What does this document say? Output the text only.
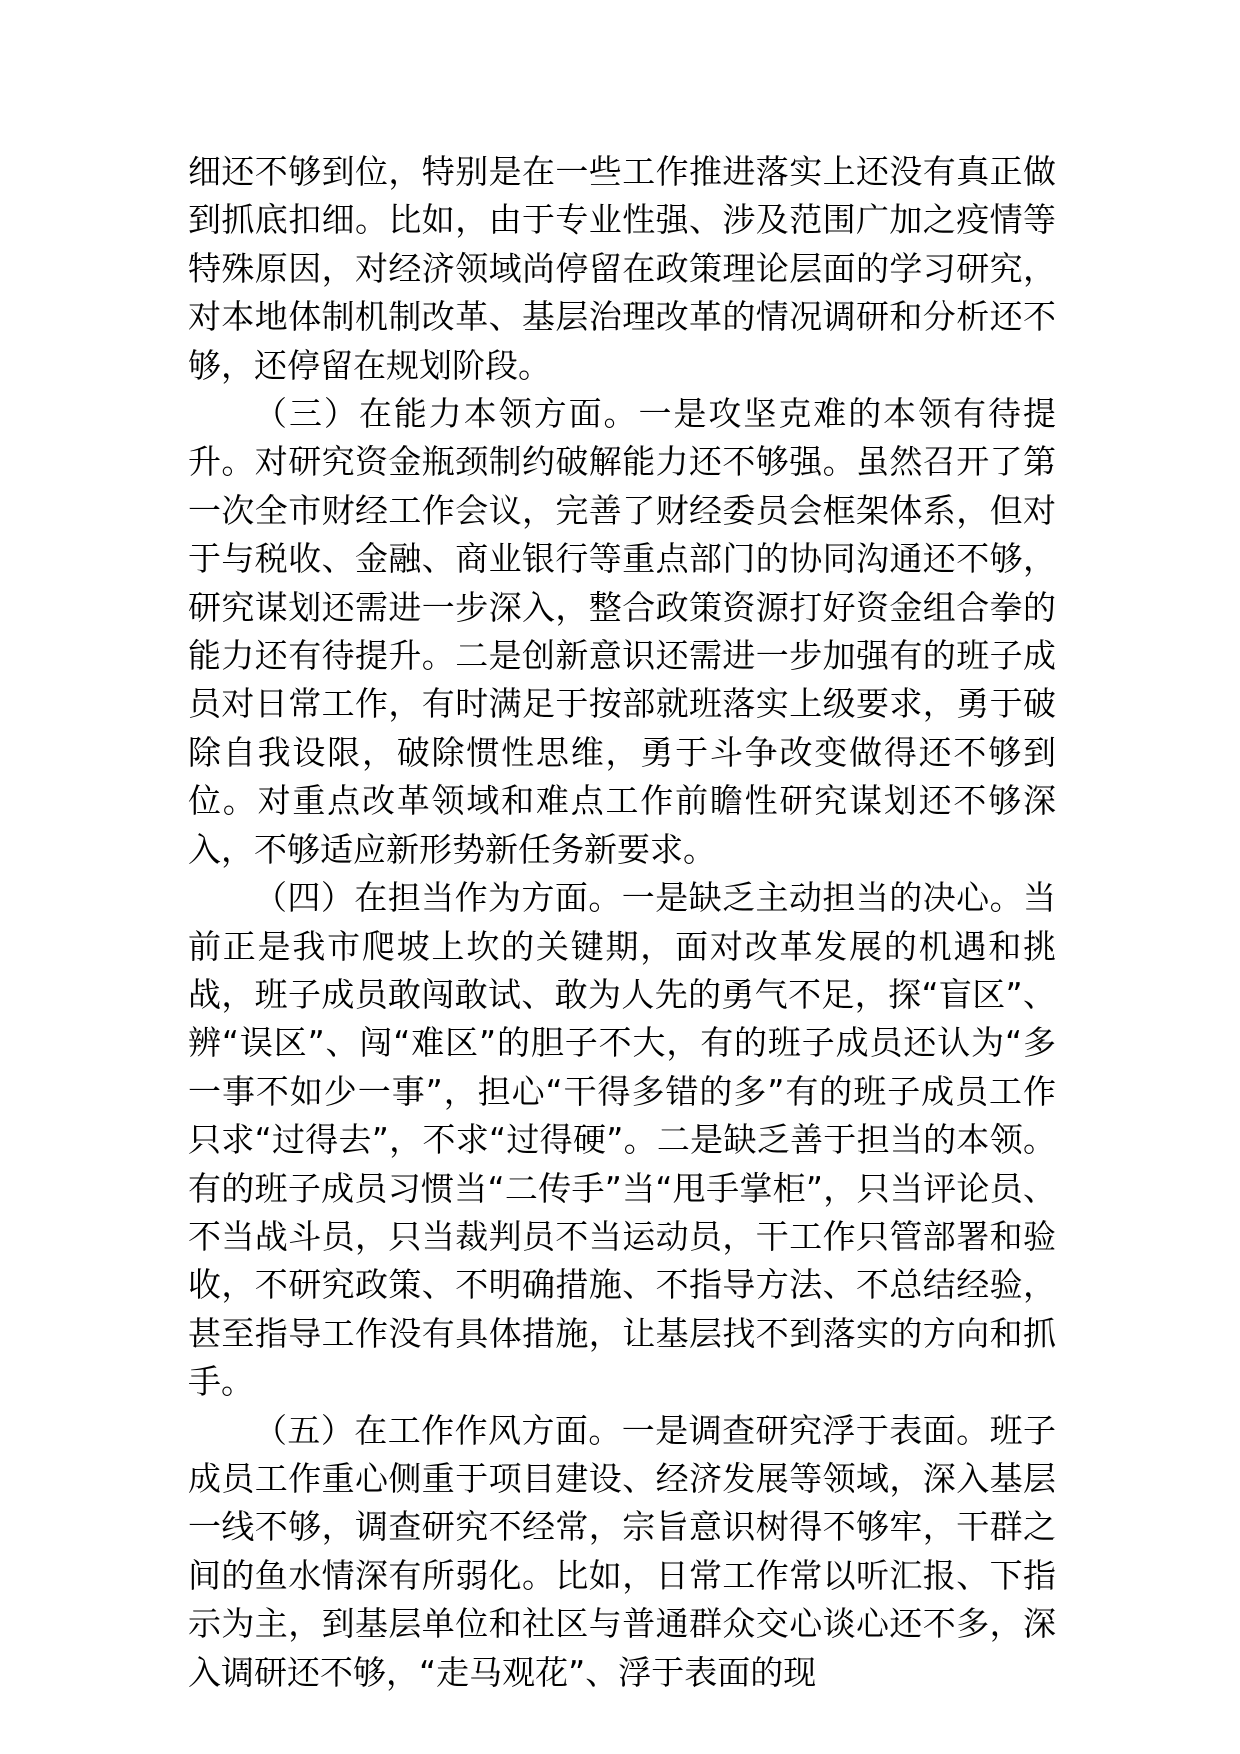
细还不够到位，特别是在一些工作推进落实上还没有真正做到抓底扣细。比如，由于专业性强、涉及范围广加之疫情等特殊原因，对经济领域尚停留在政策理论层面的学习研究，对本地体制机制改革、基层治理改革的情况调研和分析还不够，还停留在规划阶段。

（三）在能力本领方面。一是攻坚克难的本领有待提升。对研究资金瓶颈制约破解能力还不够强。虽然召开了第一次全市财经工作会议，完善了财经委员会框架体系，但对于与税收、金融、商业银行等重点部门的协同沟通还不够，研究谋划还需进一步深入，整合政策资源打好资金组合拳的能力还有待提升。二是创新意识还需进一步加强有的班子成员对日常工作，有时满足于按部就班落实上级要求，勇于破除自我设限，破除惯性思维，勇于斗争改变做得还不够到位。对重点改革领域和难点工作前瞻性研究谋划还不够深入，不够适应新形势新任务新要求。

（四）在担当作为方面。一是缺乏主动担当的决心。当前正是我市爬坡上坎的关键期，面对改革发展的机遇和挑战，班子成员敢闯敢试、敢为人先的勇气不足，探“盲区”、辨“误区”、闯“难区”的胆子不大，有的班子成员还认为“多一事不如少一事”，担心“干得多错的多”有的班子成员工作只求“过得去”，不求“过得硬”。二是缺乏善于担当的本领。有的班子成员习惯当“二传手”当“甩手掌柜”，只当评论员、不当战斗员，只当裁判员不当运动员，干工作只管部署和验收，不研究政策、不明确措施、不指导方法、不总结经验，甚至指导工作没有具体措施，让基层找不到落实的方向和抓手。

（五）在工作作风方面。一是调查研究浮于表面。班子成员工作重心侧重于项目建设、经济发展等领域，深入基层一线不够，调查研究不经常，宗旨意识树得不够牢，干群之间的鱼水情深有所弱化。比如，日常工作常以听汇报、下指示为主，到基层单位和社区与普通群众交心谈心还不多，深入调研还不够，“走马观花”、浮于表面的现
